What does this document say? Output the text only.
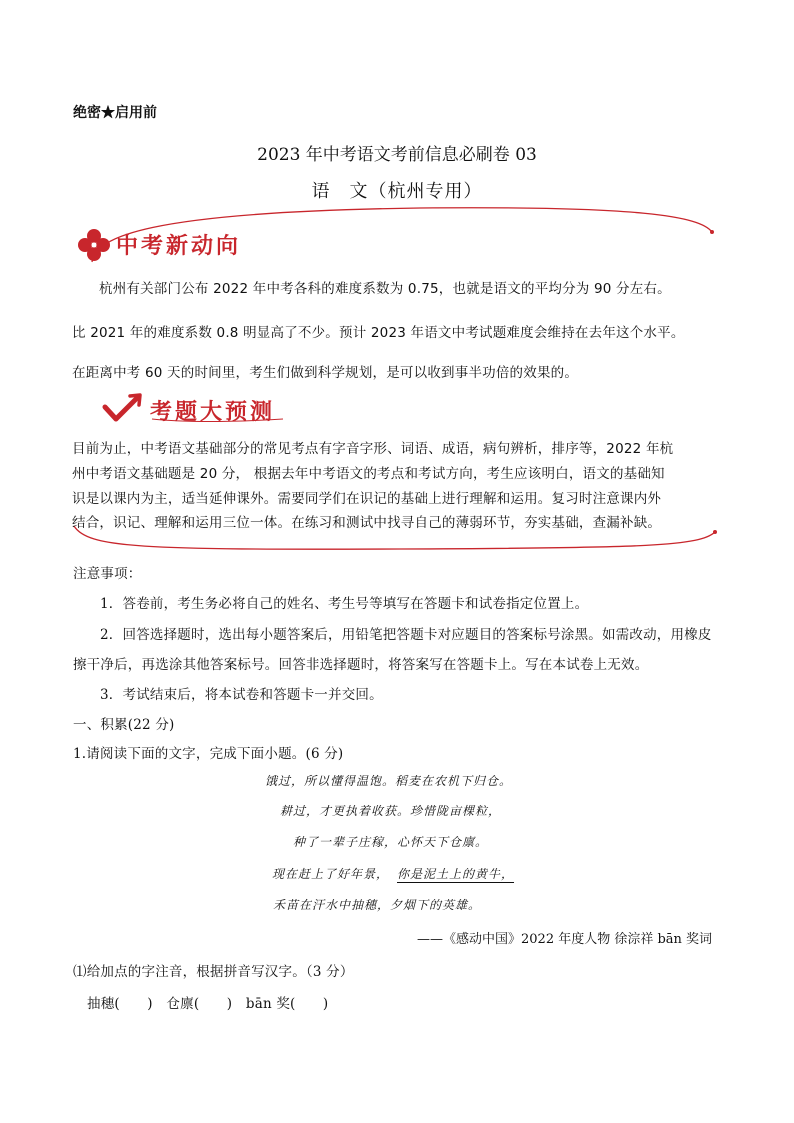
绝密★启用前
2023 年中考语文考前信息必刷卷 03
语　文（杭州专用）
中考新动向
杭州有关部门公布 2022 年中考各科的难度系数为 0.75，也就是语文的平均分为 90 分左右。
比 2021 年的难度系数 0.8 明显高了不少。预计 2023 年语文中考试题难度会维持在去年这个水平。
在距离中考 60 天的时间里，考生们做到科学规划，是可以收到事半功倍的效果的。
考题大预测
目前为止，中考语文基础部分的常见考点有字音字形、词语、成语，病句辨析，排序等，2022 年杭
州中考语文基础题是 20 分， 根据去年中考语文的考点和考试方向，考生应该明白，语文的基础知
识是以课内为主，适当延伸课外。需要同学们在识记的基础上进行理解和运用。复习时注意课内外
结合，识记、理解和运用三位一体。在练习和测试中找寻自己的薄弱环节，夯实基础，查漏补缺。
注意事项：
1．答卷前，考生务必将自己的姓名、考生号等填写在答题卡和试卷指定位置上。
2．回答选择题时，选出每小题答案后，用铅笔把答题卡对应题目的答案标号涂黑。如需改动，用橡皮
擦干净后，再选涂其他答案标号。回答非选择题时，将答案写在答题卡上。写在本试卷上无效。
3．考试结束后，将本试卷和答题卡一并交回。
一、积累(22 分)
1.请阅读下面的文字，完成下面小题。(6 分)
饿过，所以懂得温饱。稻麦在农机下归仓。
耕过，才更执着收获。珍惜陇亩棵粒，
种了一辈子庄稼，心怀天下仓廪。
现在赶上了好年景， 你是泥土上的黄牛，
禾苗在汗水中抽穗，夕烟下的英雄。
——《感动中国》2022 年度人物 徐淙祥 bān 奖词
⑴给加点的字注音，根据拼音写汉字。（3 分）
抽穗(　　)　仓廪(　　)　bān 奖(　　)
